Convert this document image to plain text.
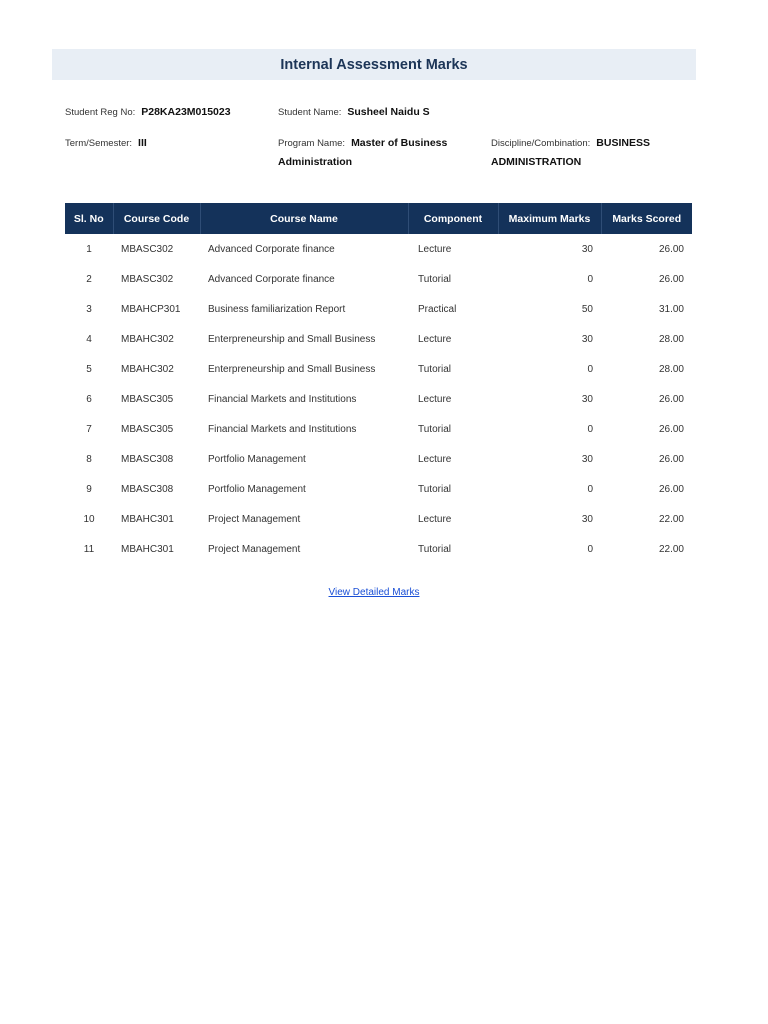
Internal Assessment Marks
Student Reg No: P28KA23M015023	Student Name: Susheel Naidu S
Term/Semester: III	Program Name: Master of Business
Administration
Discipline/Combination: BUSINESS
ADMINISTRATION
Sl. No	Course Code	Course Name	Component	Maximum Marks	Marks Scored
1	MBASC302	Advanced Corporate finance	Lecture	30	26.00
2	MBASC302	Advanced Corporate finance	Tutorial	0	26.00
3	MBAHCP301	Business familiarization Report	Practical	50	31.00
4	MBAHC302	Enterpreneurship and Small Business	Lecture	30	28.00
5	MBAHC302	Enterpreneurship and Small Business	Tutorial	0	28.00
6	MBASC305	Financial Markets and Institutions	Lecture	30	26.00
7	MBASC305	Financial Markets and Institutions	Tutorial	0	26.00
8	MBASC308	Portfolio Management	Lecture	30	26.00
9	MBASC308	Portfolio Management	Tutorial	0	26.00
10	MBAHC301	Project Management	Lecture	30	22.00
11	MBAHC301	Project Management	Tutorial	0	22.00
View Detailed Marks
